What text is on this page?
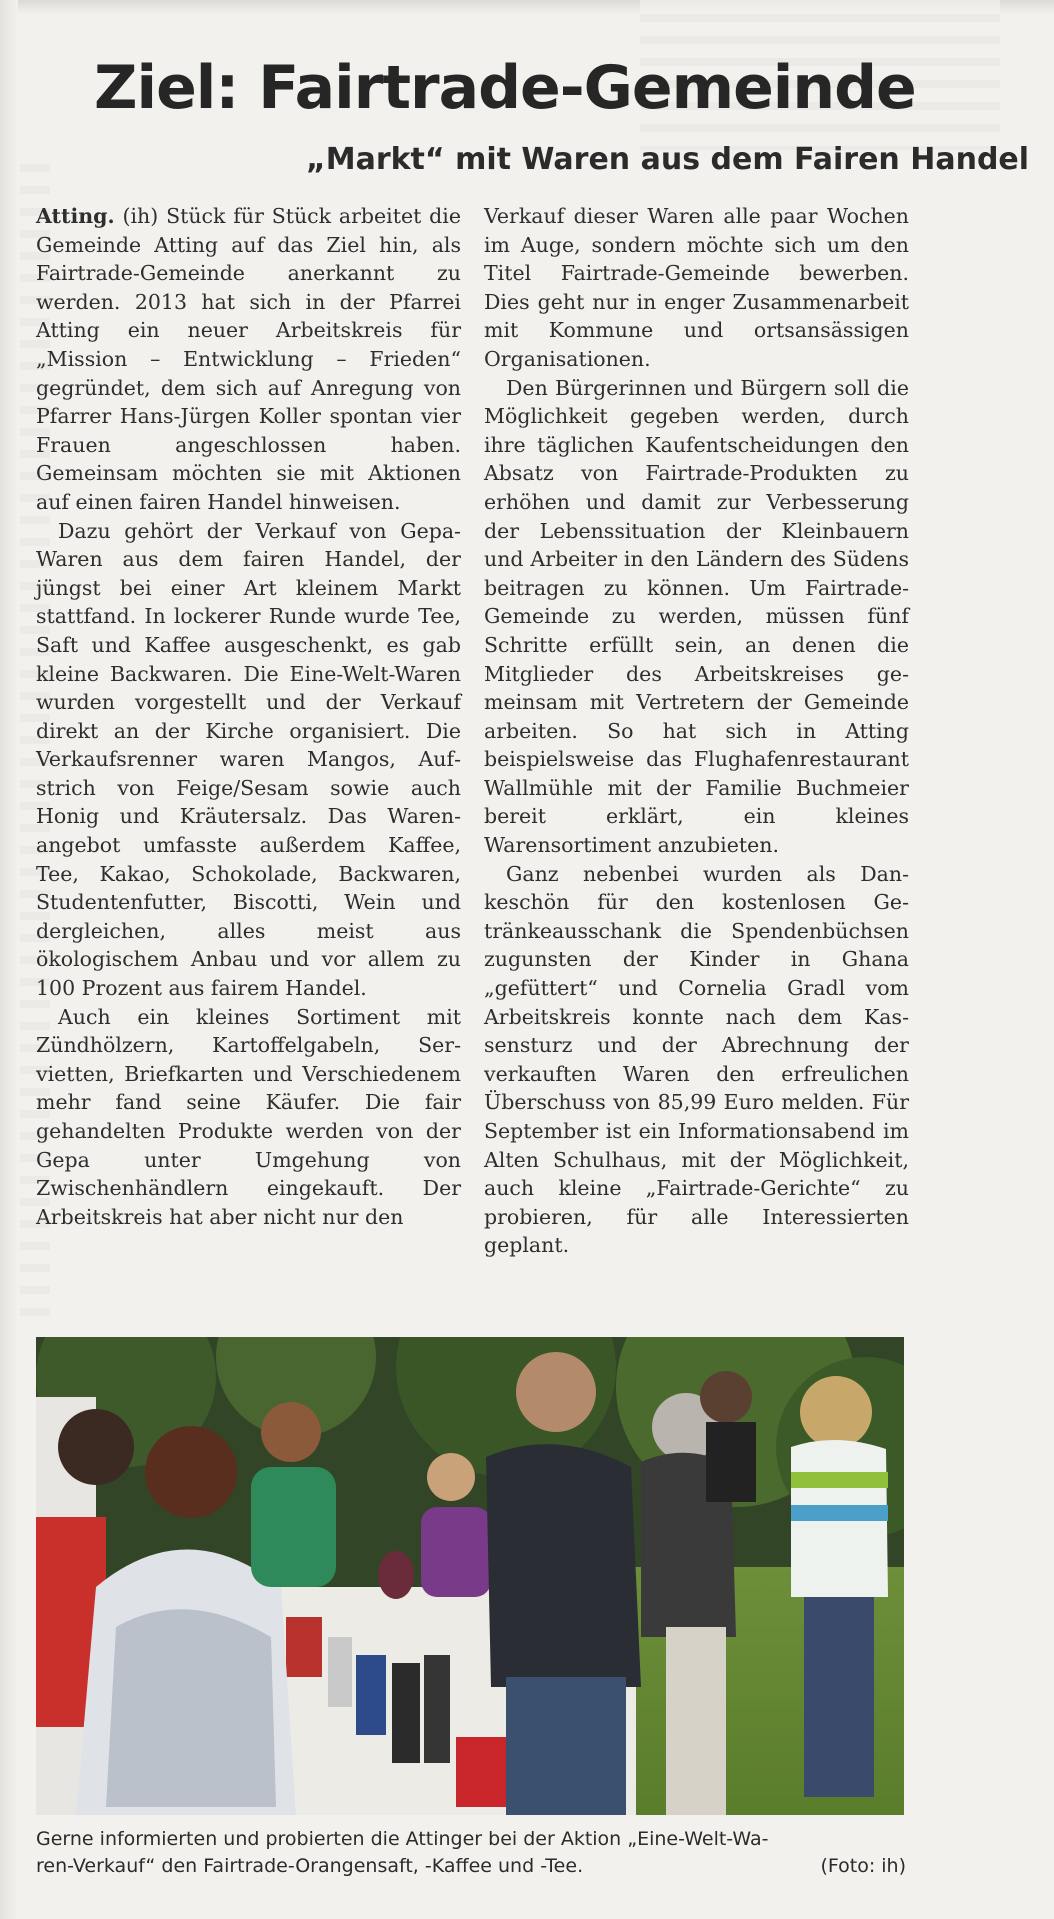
Ziel: Fairtrade-Gemeinde
„Markt“ mit Waren aus dem Fairen Handel

Atting. (ih) Stück für Stück arbeitet die Gemeinde Atting auf das Ziel hin, als Fairtrade-Gemeinde anerkannt zu werden. 2013 hat sich in der Pfarrei Atting ein neuer Arbeitskreis für „Mission – Entwicklung – Frieden“ gegründet, dem sich auf Anregung von Pfarrer Hans-Jürgen Koller spontan vier Frauen angeschlossen haben. Gemeinsam möchten sie mit Aktionen auf einen fairen Handel hinweisen.

Dazu gehört der Verkauf von Gepa-Waren aus dem fairen Handel, der jüngst bei einer Art kleinem Markt stattfand. In lockerer Runde wurde Tee, Saft und Kaffee ausgeschenkt, es gab kleine Backwaren. Die Eine-Welt-Waren wurden vorgestellt und der Verkauf direkt an der Kirche organisiert. Die Verkaufsrenner waren Mangos, Aufstrich von Feige/Sesam sowie auch Honig und Kräutersalz. Das Warenangebot umfasste außerdem Kaffee, Tee, Kakao, Schokolade, Backwaren, Studentenfutter, Biscotti, Wein und dergleichen, alles meist aus ökologischem Anbau und vor allem zu 100 Prozent aus fairem Handel.

Auch ein kleines Sortiment mit Zündhölzern, Kartoffelgabeln, Servietten, Briefkarten und Verschiedenem mehr fand seine Käufer. Die fair gehandelten Produkte werden von der Gepa unter Umgehung von Zwischenhändlern eingekauft. Der Arbeitskreis hat aber nicht nur den

Verkauf dieser Waren alle paar Wochen im Auge, sondern möchte sich um den Titel Fairtrade-Gemeinde bewerben. Dies geht nur in enger Zusammenarbeit mit Kommune und ortsansässigen Organisationen.

Den Bürgerinnen und Bürgern soll die Möglichkeit gegeben werden, durch ihre täglichen Kaufentscheidungen den Absatz von Fairtrade-Produkten zu erhöhen und damit zur Verbesserung der Lebenssituation der Kleinbauern und Arbeiter in den Ländern des Südens beitragen zu können. Um Fairtrade-Gemeinde zu werden, müssen fünf Schritte erfüllt sein, an denen die Mitglieder des Arbeitskreises gemeinsam mit Vertretern der Gemeinde arbeiten. So hat sich in Atting beispielsweise das Flughafenrestaurant Wallmühle mit der Familie Buchmeier bereit erklärt, ein kleines Warensortiment anzubieten.

Ganz nebenbei wurden als Dankeschön für den kostenlosen Getränkeausschank die Spendenbüchsen zugunsten der Kinder in Ghana „gefüttert“ und Cornelia Gradl vom Arbeitskreis konnte nach dem Kassensturz und der Abrechnung der verkauften Waren den erfreulichen Überschuss von 85,99 Euro melden. Für September ist ein Informationsabend im Alten Schulhaus, mit der Möglichkeit, auch kleine „Fairtrade-Gerichte“ zu probieren, für alle Interessierten geplant.

Gerne informierten und probierten die Attinger bei der Aktion „Eine-Welt-Wa-
ren-Verkauf“ den Fairtrade-Orangensaft, -Kaffee und -Tee.	(Foto: ih)
